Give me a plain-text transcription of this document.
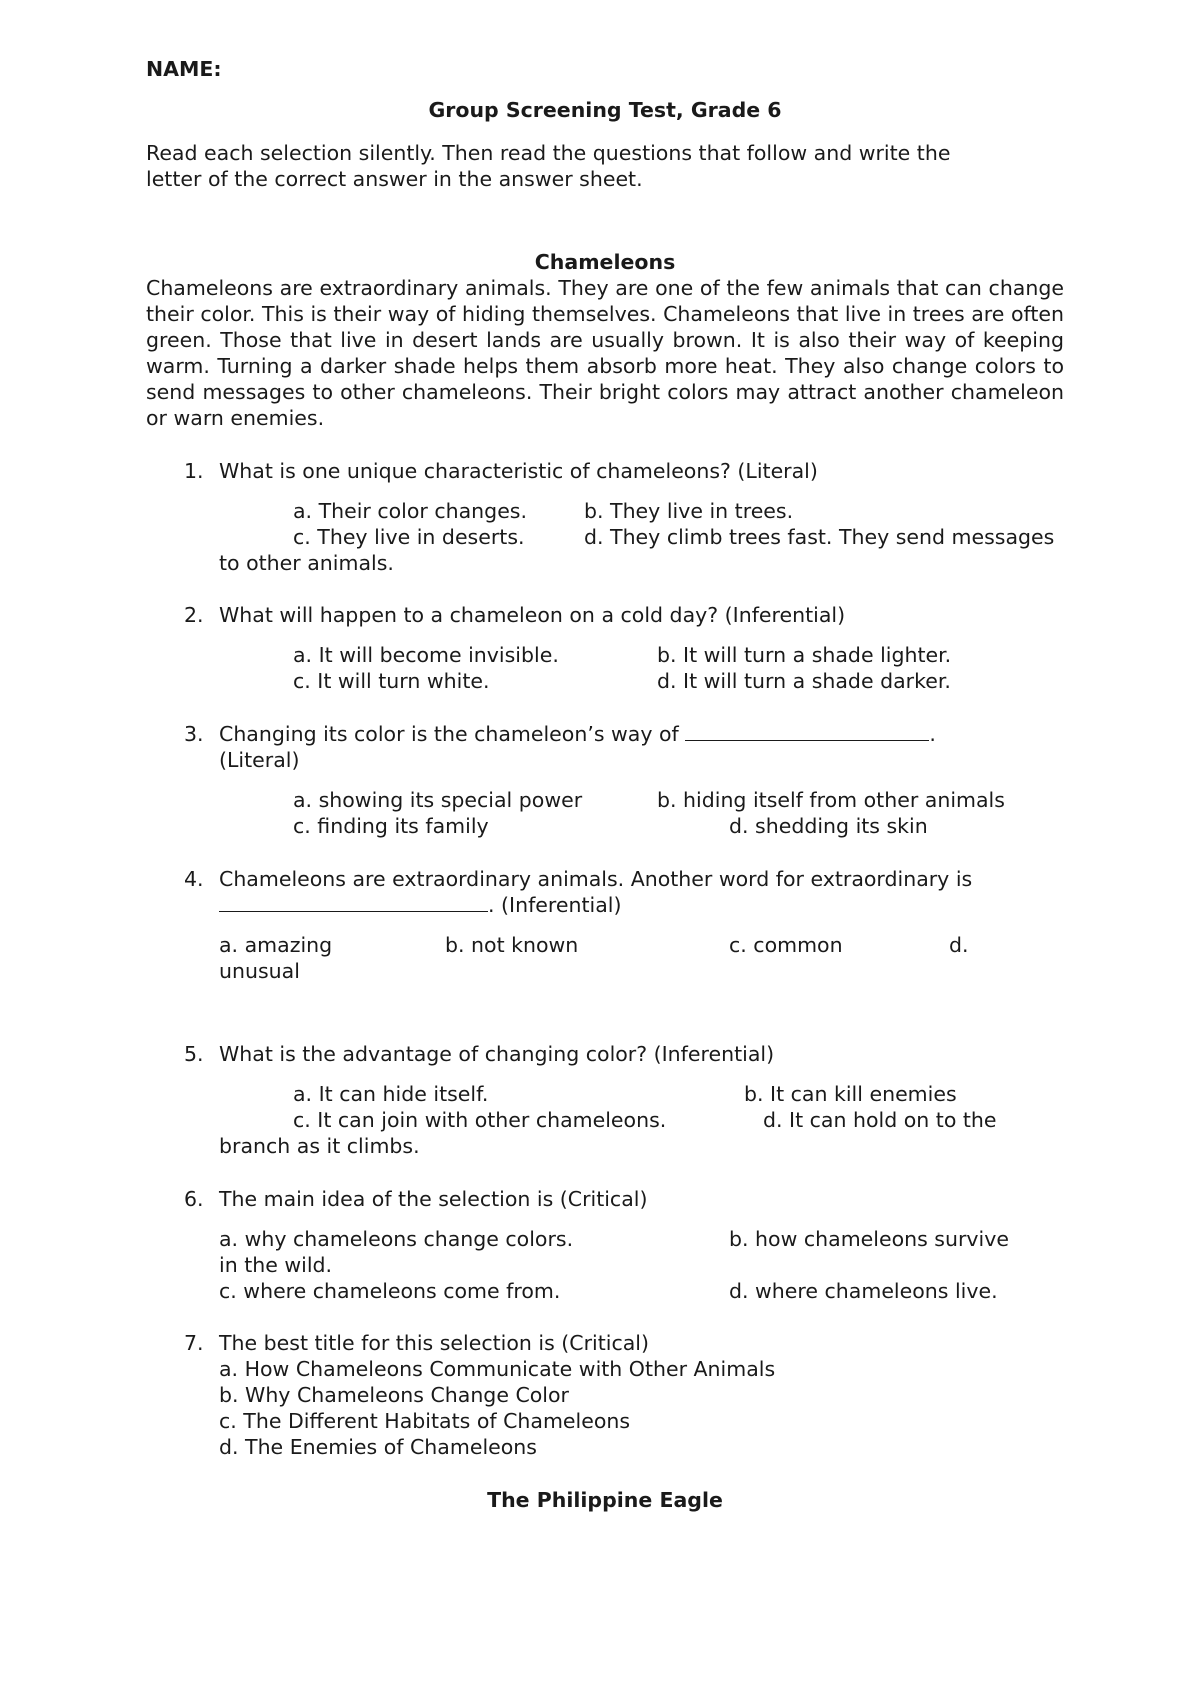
NAME:
Group Screening Test, Grade 6
Read each selection silently. Then read the questions that follow and write the
letter of the correct answer in the answer sheet.
Chameleons
Chameleons are extraordinary animals. They are one of the few animals that can change their color. This is their way of hiding themselves. Chameleons that live in trees are often green. Those that live in desert lands are usually brown. It is also their way of keeping warm. Turning a darker shade helps them absorb more heat. They also change colors to send messages to other chameleons. Their bright colors may attract another chameleon or warn enemies.
1. What is one unique characteristic of chameleons? (Literal)
a. Their color changes.	b. They live in trees.
c. They live in deserts.	d. They climb trees fast. They send messages
to other animals.
2. What will happen to a chameleon on a cold day? (Inferential)
a. It will become invisible.	b. It will turn a shade lighter.
c. It will turn white.	d. It will turn a shade darker.
3. Changing its color is the chameleon’s way of	.
(Literal)
a. showing its special power	b. hiding itself from other animals
c. finding its family	d. shedding its skin
4. Chameleons are extraordinary animals. Another word for extraordinary is
. (Inferential)
a. amazing	b. not known	c. common	d.
unusual
5. What is the advantage of changing color? (Inferential)
a. It can hide itself.	b. It can kill enemies
c. It can join with other chameleons.	d. It can hold on to the
branch as it climbs.
6. The main idea of the selection is (Critical)
a. why chameleons change colors.	b. how chameleons survive
in the wild.
c. where chameleons come from.	d. where chameleons live.
7. The best title for this selection is (Critical)
a. How Chameleons Communicate with Other Animals
b. Why Chameleons Change Color
c. The Different Habitats of Chameleons
d. The Enemies of Chameleons
The Philippine Eagle
